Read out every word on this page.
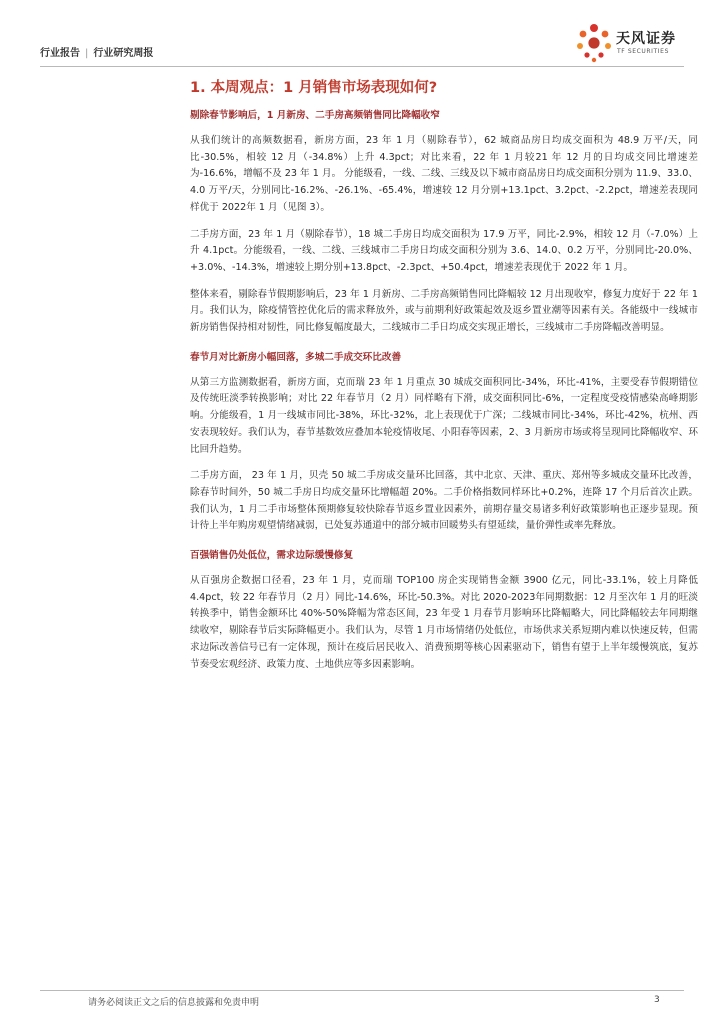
行业报告 | 行业研究周报
天风证券
TF SECURITIES
1. 本周观点：1 月销售市场表现如何?
剔除春节影响后，1 月新房、二手房高频销售同比降幅收窄

从我们统计的高频数据看，新房方面，23 年 1 月（剔除春节），62 城商品房日均成交面积为 48.9 万平/天，同比-30.5%，相较 12 月（-34.8%）上升 4.3pct；对比来看，22 年 1 月较21 年 12 月的日均成交同比增速差为-16.6%，增幅不及 23 年 1 月。 分能级看，一线、二线、三线及以下城市商品房日均成交面积分别为 11.9、33.0、4.0 万平/天，分别同比-16.2%、-26.1%、-65.4%，增速较 12 月分别+13.1pct、3.2pct、-2.2pct，增速差表现同样优于 2022年 1 月（见图 3）。

二手房方面，23 年 1 月（剔除春节），18 城二手房日均成交面积为 17.9 万平，同比-2.9%，相较 12 月（-7.0%）上升 4.1pct。分能级看，一线、二线、三线城市二手房日均成交面积分别为 3.6、14.0、0.2 万平，分别同比-20.0%、+3.0%、-14.3%，增速较上期分别+13.8pct、-2.3pct、+50.4pct，增速差表现优于 2022 年 1 月。

整体来看，剔除春节假期影响后，23 年 1 月新房、二手房高频销售同比降幅较 12 月出现收窄，修复力度好于 22 年 1 月。我们认为，除疫情管控优化后的需求释放外，或与前期利好政策起效及返乡置业潮等因素有关。各能级中一线城市新房销售保持相对韧性，同比修复幅度最大，二线城市二手日均成交实现正增长，三线城市二手房降幅改善明显。

春节月对比新房小幅回落，多城二手成交环比改善

从第三方监测数据看，新房方面，克而瑞 23 年 1 月重点 30 城成交面积同比-34%，环比-41%，主要受春节假期错位及传统旺淡季转换影响；对比 22 年春节月（2 月）同样略有下滑，成交面积同比-6%，一定程度受疫情感染高峰期影响。分能级看，1 月一线城市同比-38%，环比-32%，北上表现优于广深；二线城市同比-34%，环比-42%，杭州、西安表现较好。我们认为，春节基数效应叠加本轮疫情收尾、小阳春等因素，2、3 月新房市场或将呈现同比降幅收窄、环比回升趋势。

二手房方面， 23 年 1 月，贝壳 50 城二手房成交量环比回落，其中北京、天津、重庆、郑州等多城成交量环比改善，除春节时间外，50 城二手房日均成交量环比增幅超 20%。二手价格指数同样环比+0.2%，连降 17 个月后首次止跌。我们认为，1 月二手市场整体预期修复较快除春节返乡置业因素外，前期存量交易诸多利好政策影响也正逐步显现。预计待上半年购房观望情绪减弱，已处复苏通道中的部分城市回暖势头有望延续，量价弹性或率先释放。

百强销售仍处低位，需求边际缓慢修复

从百强房企数据口径看，23 年 1 月，克而瑞 TOP100 房企实现销售金额 3900 亿元，同比-33.1%，较上月降低 4.4pct，较 22 年春节月（2 月）同比-14.6%，环比-50.3%。对比 2020-2023年同期数据：12 月至次年 1 月的旺淡转换季中，销售金额环比 40%-50%降幅为常态区间，23 年受 1 月春节月影响环比降幅略大，同比降幅较去年同期继续收窄，剔除春节后实际降幅更小。我们认为，尽管 1 月市场情绪仍处低位，市场供求关系短期内难以快速反转，但需求边际改善信号已有一定体现，预计在疫后居民收入、消费预期等核心因素驱动下，销售有望于上半年缓慢筑底，复苏节奏受宏观经济、政策力度、土地供应等多因素影响。

请务必阅读正文之后的信息披露和免责申明	3
